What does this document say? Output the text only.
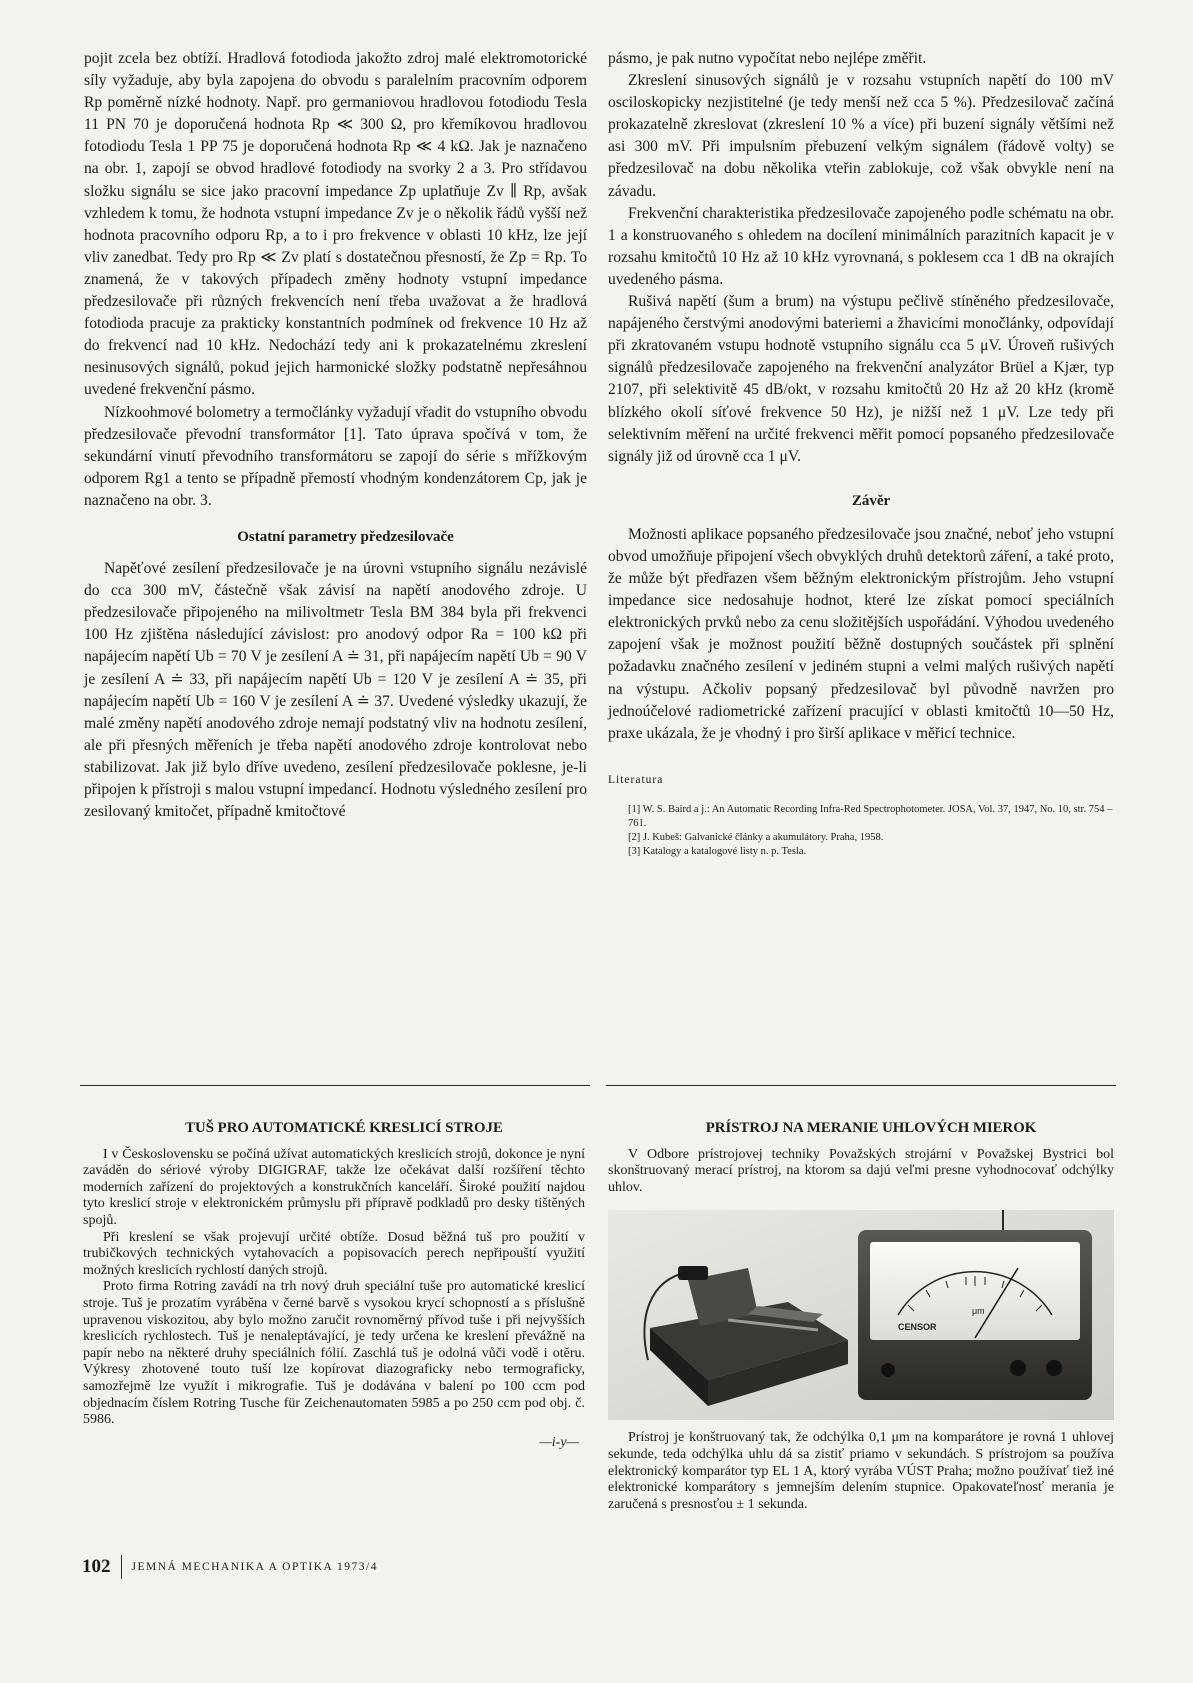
pojit zcela bez obtíží. Hradlová fotodioda jakožto zdroj malé elektromotorické síly vyžaduje, aby byla zapojena do obvodu s paralelním pracovním odporem Rp poměrně nízké hodnoty. Např. pro germaniovou hradlovou fotodiodu Tesla 11 PN 70 je doporučená hodnota Rp ≪ 300 Ω, pro křemíkovou hradlovou fotodiodu Tesla 1 PP 75 je doporučená hodnota Rp ≪ 4 kΩ. Jak je naznačeno na obr. 1, zapojí se obvod hradlové fotodiody na svorky 2 a 3. Pro střídavou složku signálu se sice jako pracovní impedance Zp uplatňuje Zv ∥ Rp, avšak vzhledem k tomu, že hodnota vstupní impedance Zv je o několik řádů vyšší než hodnota pracovního odporu Rp, a to i pro frekvence v oblasti 10 kHz, lze její vliv zanedbat. Tedy pro Rp ≪ Zv platí s dostatečnou přesností, že Zp = Rp. To znamená, že v takových případech změny hodnoty vstupní impedance předzesilovače při různých frekvencích není třeba uvažovat a že hradlová fotodioda pracuje za prakticky konstantních podmínek od frekvence 10 Hz až do frekvencí nad 10 kHz. Nedochází tedy ani k prokazatelnému zkreslení nesinusových signálů, pokud jejich harmonické složky podstatně nepřesáhnou uvedené frekvenční pásmo.

Nízkoohmové bolometry a termočlánky vyžadují vřadit do vstupního obvodu předzesilovače převodní transformátor [1]. Tato úprava spočívá v tom, že sekundární vinutí převodního transformátoru se zapojí do série s mřížkovým odporem Rg1 a tento se případně přemostí vhodným kondenzátorem Cp, jak je naznačeno na obr. 3.

Ostatní parametry předzesilovače

Napěťové zesílení předzesilovače je na úrovni vstupního signálu nezávislé do cca 300 mV, částečně však závisí na napětí anodového zdroje. U předzesilovače připojeného na milivoltmetr Tesla BM 384 byla při frekvenci 100 Hz zjištěna následující závislost: pro anodový odpor Ra = 100 kΩ při napájecím napětí Ub = 70 V je zesílení A ≐ 31, při napájecím napětí Ub = 90 V je zesílení A ≐ 33, při napájecím napětí Ub = 120 V je zesílení A ≐ 35, při napájecím napětí Ub = 160 V je zesílení A ≐ 37. Uvedené výsledky ukazují, že malé změny napětí anodového zdroje nemají podstatný vliv na hodnotu zesílení, ale při přesných měřeních je třeba napětí anodového zdroje kontrolovat nebo stabilizovat. Jak již bylo dříve uvedeno, zesílení předzesilovače poklesne, je-li připojen k přístroji s malou vstupní impedancí. Hodnotu výsledného zesílení pro zesilovaný kmitočet, případně kmitočtové

pásmo, je pak nutno vypočítat nebo nejlépe změřit.

Zkreslení sinusových signálů je v rozsahu vstupních napětí do 100 mV osciloskopicky nezjistitelné (je tedy menší než cca 5 %). Předzesilovač začíná prokazatelně zkreslovat (zkreslení 10 % a více) při buzení signály většími než asi 300 mV. Při impulsním přebuzení velkým signálem (řádově volty) se předzesilovač na dobu několika vteřin zablokuje, což však obvykle není na závadu.

Frekvenční charakteristika předzesilovače zapojeného podle schématu na obr. 1 a konstruovaného s ohledem na docílení minimálních parazitních kapacit je v rozsahu kmitočtů 10 Hz až 10 kHz vyrovnaná, s poklesem cca 1 dB na okrajích uvedeného pásma.

Rušivá napětí (šum a brum) na výstupu pečlivě stíněného předzesilovače, napájeného čerstvými anodovými bateriemi a žhavicími monočlánky, odpovídají při zkratovaném vstupu hodnotě vstupního signálu cca 5 μV. Úroveň rušivých signálů předzesilovače zapojeného na frekvenční analyzátor Brüel a Kjær, typ 2107, při selektivitě 45 dB/okt, v rozsahu kmitočtů 20 Hz až 20 kHz (kromě blízkého okolí síťové frekvence 50 Hz), je nižší než 1 μV. Lze tedy při selektivním měření na určité frekvenci měřit pomocí popsaného předzesilovače signály již od úrovně cca 1 μV.

Závěr

Možnosti aplikace popsaného předzesilovače jsou značné, neboť jeho vstupní obvod umožňuje připojení všech obvyklých druhů detektorů záření, a také proto, že může být předřazen všem běžným elektronickým přístrojům. Jeho vstupní impedance sice nedosahuje hodnot, které lze získat pomocí speciálních elektronických prvků nebo za cenu složitějších uspořádání. Výhodou uvedeného zapojení však je možnost použití běžně dostupných součástek při splnění požadavku značného zesílení v jediném stupni a velmi malých rušivých napětí na výstupu. Ačkoliv popsaný předzesilovač byl původně navržen pro jednoúčelové radiometrické zařízení pracující v oblasti kmitočtů 10—50 Hz, praxe ukázala, že je vhodný i pro širší aplikace v měřicí technice.

Literatura

[1] W. S. Baird a j.: An Automatic Recording Infra-Red Spectrophotometer. JOSA, Vol. 37, 1947, No. 10, str. 754 – 761.

[2] J. Kubeš: Galvanické články a akumulátory. Praha, 1958.

[3] Katalogy a katalogové listy n. p. Tesla.

TUŠ PRO AUTOMATICKÉ KRESLICÍ STROJE

I v Československu se počíná užívat automatických kreslicích strojů, dokonce je nyní zaváděn do sériové výroby DIGIGRAF, takže lze očekávat další rozšíření těchto moderních zařízení do projektových a konstrukčních kanceláří. Široké použití najdou tyto kreslicí stroje v elektronickém průmyslu při přípravě podkladů pro desky tištěných spojů.

Při kreslení se však projevují určité obtíže. Dosud běžná tuš pro použití v trubičkových technických vytahovacích a popisovacích perech nepřipouští využití možných kreslicích rychlostí daných strojů.

Proto firma Rotring zavádí na trh nový druh speciální tuše pro automatické kreslicí stroje. Tuš je prozatím vyráběna v černé barvě s vysokou krycí schopností a s příslušně upravenou viskozitou, aby bylo možno zaručit rovnoměrný přívod tuše i při nejvyšších kreslicích rychlostech. Tuš je nenaleptávající, je tedy určena ke kreslení převážně na papír nebo na některé druhy speciálních fólií. Zaschlá tuš je odolná vůči vodě i otěru. Výkresy zhotovené touto tuší lze kopírovat diazograficky nebo termograficky, samozřejmě lze využít i mikrografie. Tuš je dodávána v balení po 100 ccm pod objednacím číslem Rotring Tusche für Zeichenautomaten 5985 a po 250 ccm pod obj. č. 5986.

—i-y—

PRÍSTROJ NA MERANIE UHLOVÝCH MIEROK

V Odbore prístrojovej techniky Považských strojární v Považskej Bystrici bol skonštruovaný merací prístroj, na ktorom sa dajú veľmi presne vyhodnocovať odchýlky uhlov.

CENSOR
μm

Prístroj je konštruovaný tak, že odchýlka 0,1 μm na komparátore je rovná 1 uhlovej sekunde, teda odchýlka uhlu dá sa zistiť priamo v sekundách. S prístrojom sa používa elektronický komparátor typ EL 1 A, ktorý vyrába VÚST Praha; možno používať tiež iné elektronické komparátory s jemnejším delením stupnice. Opakovateľnosť merania je zaručená s presnosťou ± 1 sekunda.

102	JEMNÁ MECHANIKA A OPTIKA 1973/4
